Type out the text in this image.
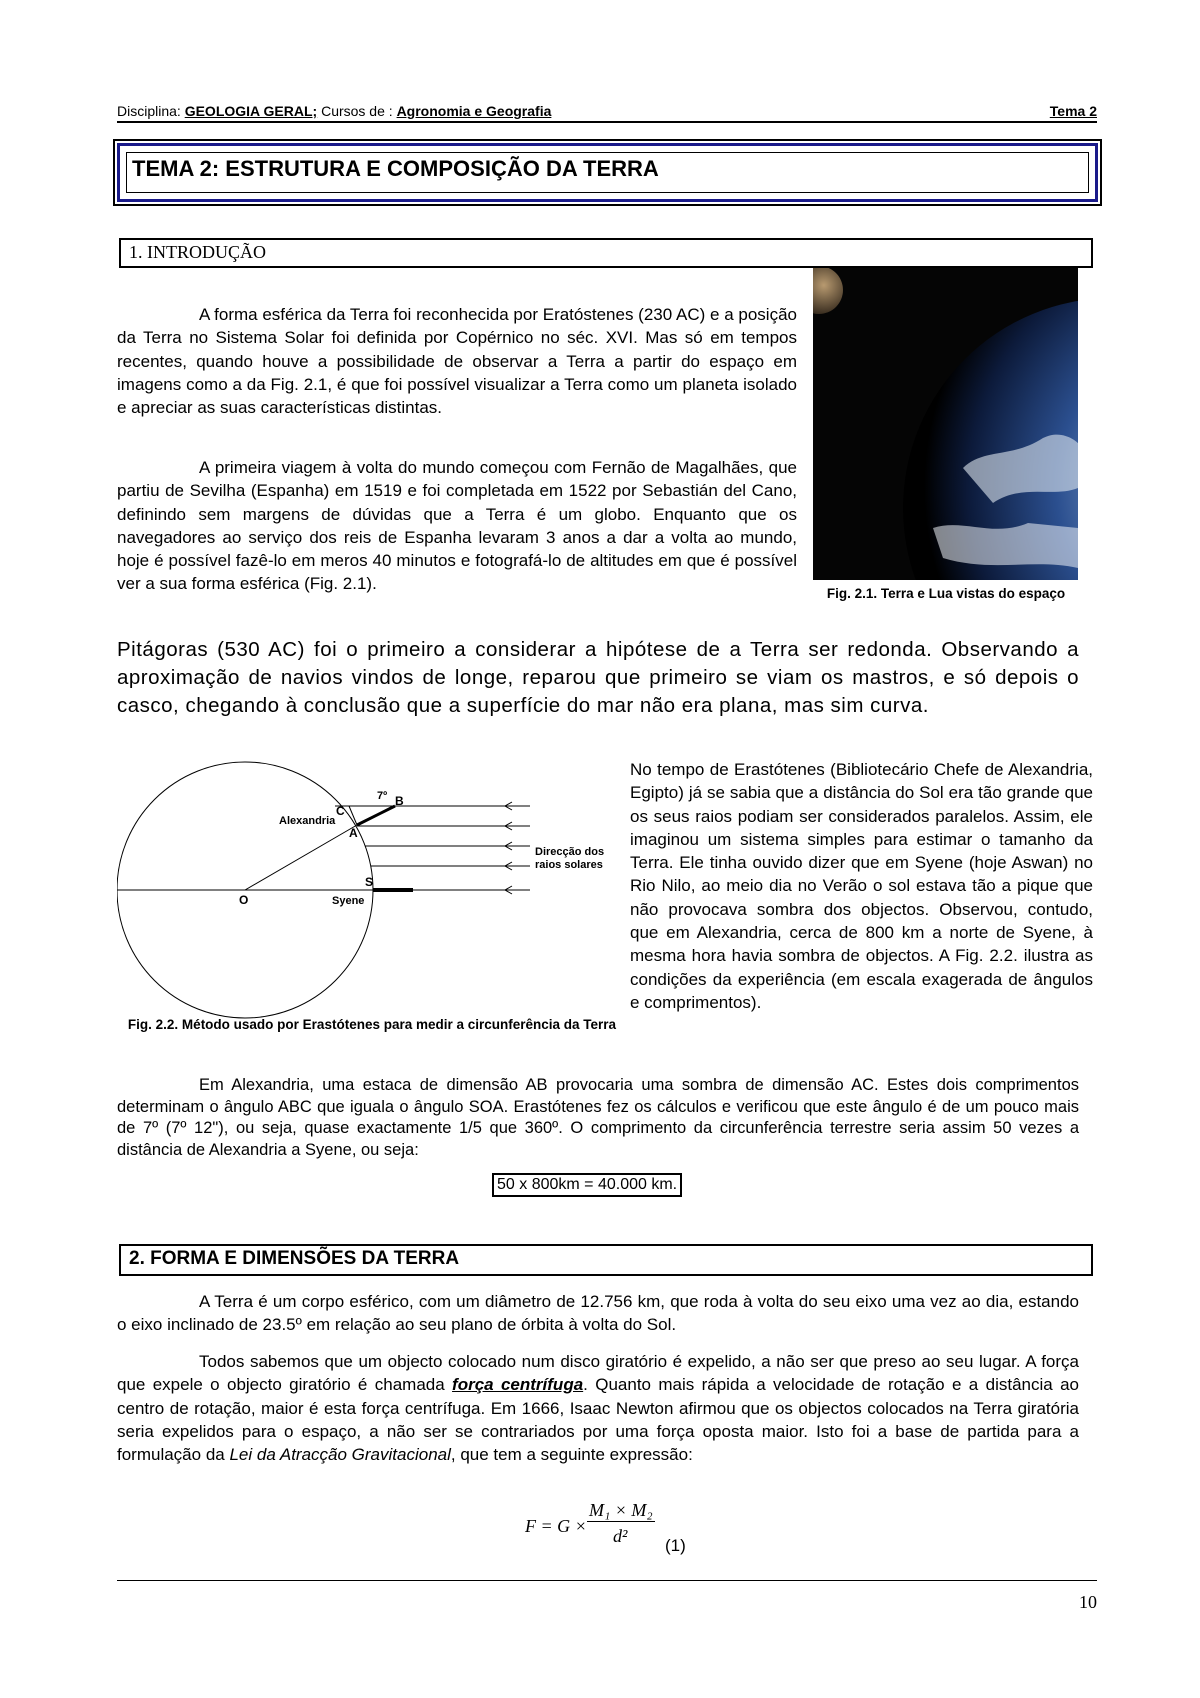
Disciplina: GEOLOGIA GERAL; Cursos de : Agronomia e Geografia	Tema 2
TEMA 2: ESTRUTURA E COMPOSIÇÃO DA TERRA
1. INTRODUÇÃO
A forma esférica da Terra foi reconhecida por Eratóstenes (230 AC) e a posição da Terra no Sistema Solar foi definida por Copérnico no séc. XVI. Mas só em tempos recentes, quando houve a possibilidade de observar a Terra a partir do espaço em imagens como a da Fig. 2.1, é que foi possível visualizar a Terra como um planeta isolado e apreciar as suas características distintas.
A primeira viagem à volta do mundo começou com Fernão de Magalhães, que partiu de Sevilha (Espanha) em 1519 e foi completada em 1522 por Sebastián del Cano, definindo sem margens de dúvidas que a Terra é um globo. Enquanto que os navegadores ao serviço dos reis de Espanha levaram 3 anos a dar a volta ao mundo, hoje é possível fazê-lo em meros 40 minutos e fotografá-lo de altitudes em que é possível ver a sua forma esférica (Fig. 2.1).
Fig. 2.1. Terra e Lua vistas do espaço
Pitágoras (530 AC) foi o primeiro a considerar a hipótese de a Terra ser redonda. Observando a aproximação de navios vindos de longe, reparou que primeiro se viam os mastros, e só depois o casco, chegando à conclusão que a superfície do mar não era plana, mas sim curva.
7º B
C
A
Alexandria
S
O	Syene
Direcção dos raios solares
Fig. 2.2. Método usado por Erastótenes para medir a circunferência da Terra
No tempo de Erastótenes (Bibliotecário Chefe de Alexandria, Egipto) já se sabia que a distância do Sol era tão grande que os seus raios podiam ser considerados paralelos. Assim, ele imaginou um sistema simples para estimar o tamanho da Terra. Ele tinha ouvido dizer que em Syene (hoje Aswan) no Rio Nilo, ao meio dia no Verão o sol estava tão a pique que não provocava sombra dos objectos. Observou, contudo, que em Alexandria, cerca de 800 km a norte de Syene, à mesma hora havia sombra de objectos. A Fig. 2.2. ilustra as condições da experiência (em escala exagerada de ângulos e comprimentos).
Em Alexandria, uma estaca de dimensão AB provocaria uma sombra de dimensão AC. Estes dois comprimentos determinam o ângulo ABC que iguala o ângulo SOA. Erastótenes fez os cálculos e verificou que este ângulo é de um pouco mais de 7º (7º 12"), ou seja, quase exactamente 1/5 que 360º. O comprimento da circunferência terrestre seria assim 50 vezes a distância de Alexandria a Syene, ou seja:
50 x 800km = 40.000 km.
2. FORMA E DIMENSÕES DA TERRA
A Terra é um corpo esférico, com um diâmetro de 12.756 km, que roda à volta do seu eixo uma vez ao dia, estando o eixo inclinado de 23.5º em relação ao seu plano de órbita à volta do Sol.
Todos sabemos que um objecto colocado num disco giratório é expelido, a não ser que preso ao seu lugar. A força que expele o objecto giratório é chamada força centrífuga. Quanto mais rápida a velocidade de rotação e a distância ao centro de rotação, maior é esta força centrífuga. Em 1666, Isaac Newton afirmou que os objectos colocados na Terra giratória seria expelidos para o espaço, a não ser se contrariados por uma força oposta maior. Isto foi a base de partida para a formulação da Lei da Atracção Gravitacional, que tem a seguinte expressão:
F = G ×
M₁ × M₂
d² (1)
10
